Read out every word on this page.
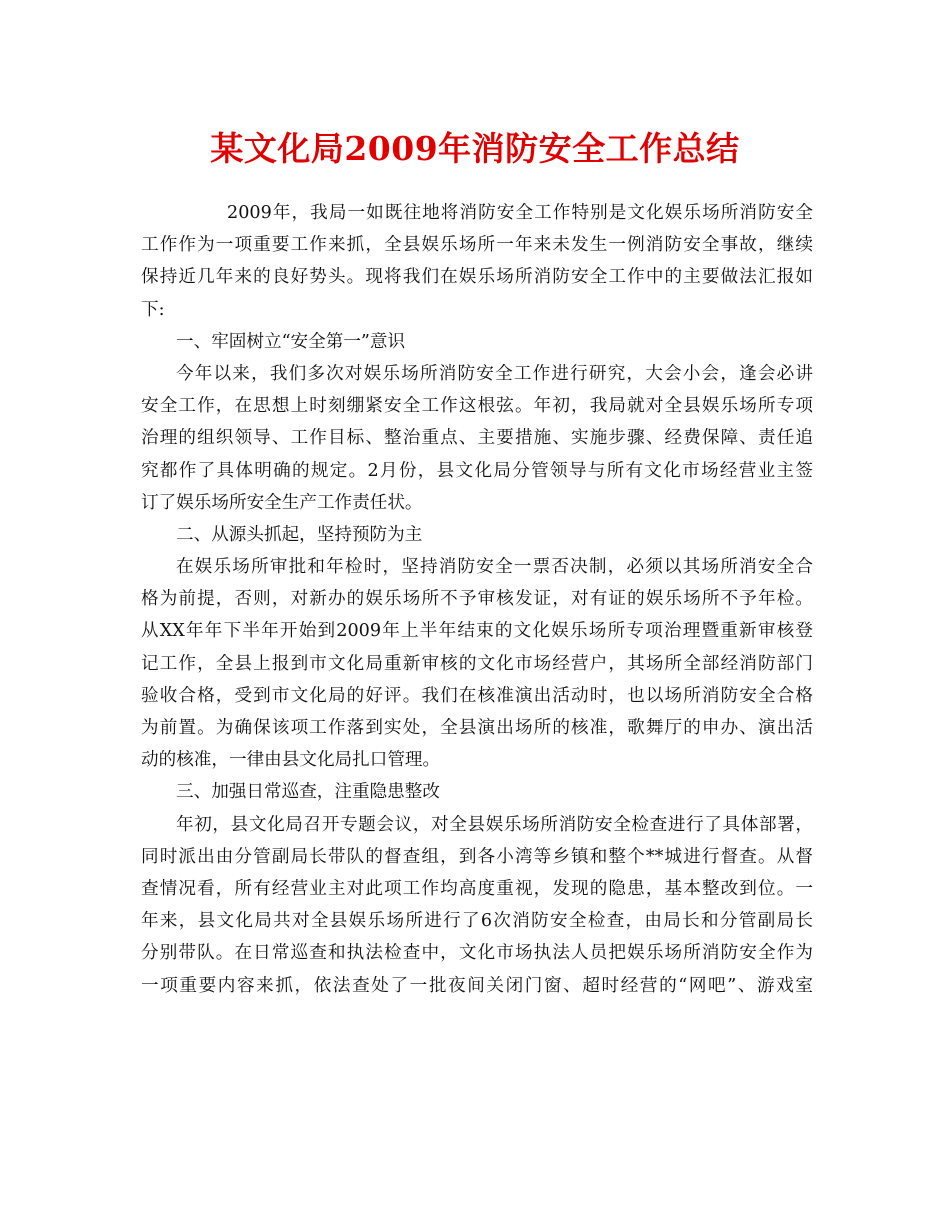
某文化局2009年消防安全工作总结
2009年，我局一如既往地将消防安全工作特别是文化娱乐场所消防安全
工作作为一项重要工作来抓，全县娱乐场所一年来未发生一例消防安全事故，继续
保持近几年来的良好势头。现将我们在娱乐场所消防安全工作中的主要做法汇报如
下:
一、牢固树立“安全第一”意识
今年以来，我们多次对娱乐场所消防安全工作进行研究，大会小会，逢会必讲
安全工作，在思想上时刻绷紧安全工作这根弦。年初，我局就对全县娱乐场所专项
治理的组织领导、工作目标、整治重点、主要措施、实施步骤、经费保障、责任追
究都作了具体明确的规定。2月份，县文化局分管领导与所有文化市场经营业主签
订了娱乐场所安全生产工作责任状。
二、从源头抓起，坚持预防为主
在娱乐场所审批和年检时，坚持消防安全一票否决制，必须以其场所消安全合
格为前提，否则，对新办的娱乐场所不予审核发证，对有证的娱乐场所不予年检。
从XX年年下半年开始到2009年上半年结束的文化娱乐场所专项治理暨重新审核登
记工作，全县上报到市文化局重新审核的文化市场经营户，其场所全部经消防部门
验收合格，受到市文化局的好评。我们在核准演出活动时，也以场所消防安全合格
为前置。为确保该项工作落到实处，全县演出场所的核准，歌舞厅的申办、演出活
动的核准，一律由县文化局扎口管理。
三、加强日常巡查，注重隐患整改
年初，县文化局召开专题会议，对全县娱乐场所消防安全检查进行了具体部署，
同时派出由分管副局长带队的督查组，到各小湾等乡镇和整个**城进行督查。从督
查情况看，所有经营业主对此项工作均高度重视，发现的隐患，基本整改到位。一
年来，县文化局共对全县娱乐场所进行了6次消防安全检查，由局长和分管副局长
分别带队。在日常巡查和执法检查中，文化市场执法人员把娱乐场所消防安全作为
一项重要内容来抓，依法查处了一批夜间关闭门窗、超时经营的“网吧”、游戏室
